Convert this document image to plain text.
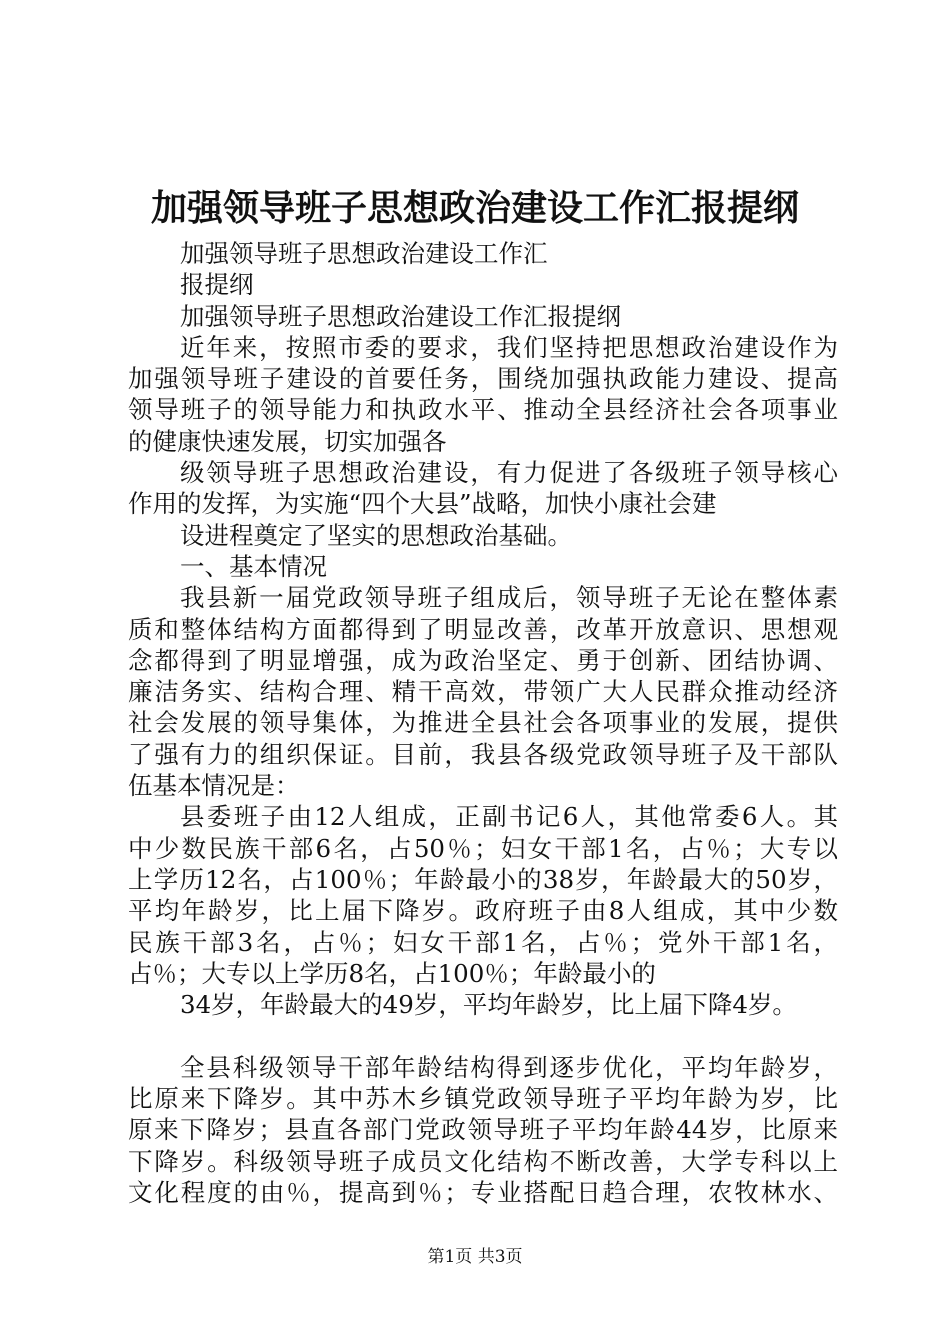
加强领导班子思想政治建设工作汇报提纲
加强领导班子思想政治建设工作汇
报提纲
加强领导班子思想政治建设工作汇报提纲
近年来，按照市委的要求，我们坚持把思想政治建设作为
加强领导班子建设的首要任务，围绕加强执政能力建设、提高
领导班子的领导能力和执政水平、推动全县经济社会各项事业
的健康快速发展，切实加强各
级领导班子思想政治建设，有力促进了各级班子领导核心
作用的发挥，为实施“四个大县”战略，加快小康社会建
设进程奠定了坚实的思想政治基础。
一、基本情况
我县新一届党政领导班子组成后，领导班子无论在整体素
质和整体结构方面都得到了明显改善，改革开放意识、思想观
念都得到了明显增强，成为政治坚定、勇于创新、团结协调、
廉洁务实、结构合理、精干高效，带领广大人民群众推动经济
社会发展的领导集体，为推进全县社会各项事业的发展，提供
了强有力的组织保证。目前，我县各级党政领导班子及干部队
伍基本情况是：
县委班子由12人组成，正副书记6人，其他常委6人。其
中少数民族干部6名，占50％；妇女干部1名，占％；大专以
上学历12名，占100％；年龄最小的38岁，年龄最大的50岁，
平均年龄岁，比上届下降岁。政府班子由8人组成，其中少数
民族干部3名，占％；妇女干部1名，占％；党外干部1名，
占％；大专以上学历8名，占100％；年龄最小的
34岁，年龄最大的49岁，平均年龄岁，比上届下降4岁。
全县科级领导干部年龄结构得到逐步优化，平均年龄岁，
比原来下降岁。其中苏木乡镇党政领导班子平均年龄为岁，比
原来下降岁；县直各部门党政领导班子平均年龄44岁，比原来
下降岁。科级领导班子成员文化结构不断改善，大学专科以上
文化程度的由％，提高到％；专业搭配日趋合理，农牧林水、
第1页 共3页
